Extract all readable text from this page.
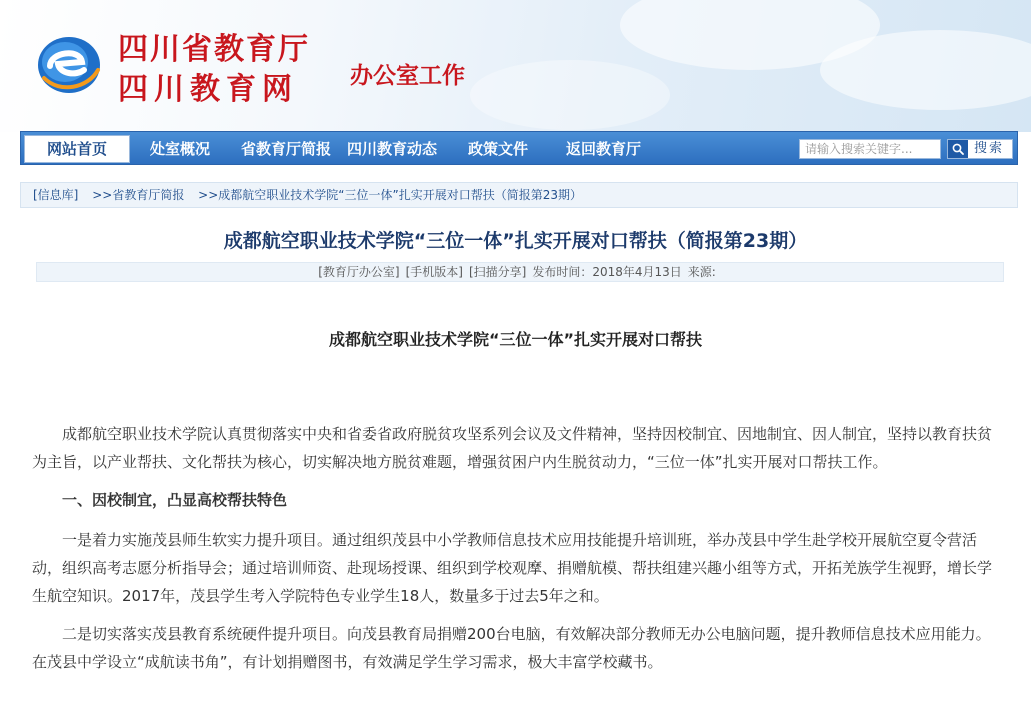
四川省教育厅
四川教育网	办公室工作
网站首页	处室概况 省教育厅简报 四川教育动态 政策文件	返回教育厅	请输入搜索关键字...	搜索
[信息库] >>省教育厅简报 >>成都航空职业技术学院“三位一体”扎实开展对口帮扶（简报第23期）
成都航空职业技术学院“三位一体”扎实开展对口帮扶（简报第23期）
[教育厅办公室] [手机版本] [扫描分享] 发布时间：2018年4月13日 来源:
成都航空职业技术学院“三位一体”扎实开展对口帮扶

成都航空职业技术学院认真贯彻落实中央和省委省政府脱贫攻坚系列会议及文件精神，坚持因校制宜、因地制宜、因人制宜，坚持以教育扶贫为主旨，以产业帮扶、文化帮扶为核心，切实解决地方脱贫难题，增强贫困户内生脱贫动力，“三位一体”扎实开展对口帮扶工作。

一、因校制宜，凸显高校帮扶特色

一是着力实施茂县师生软实力提升项目。通过组织茂县中小学教师信息技术应用技能提升培训班，举办茂县中学生赴学校开展航空夏令营活动，组织高考志愿分析指导会；通过培训师资、赴现场授课、组织到学校观摩、捐赠航模、帮扶组建兴趣小组等方式，开拓羌族学生视野，增长学生航空知识。2017年，茂县学生考入学院特色专业学生18人，数量多于过去5年之和。

二是切实落实茂县教育系统硬件提升项目。向茂县教育局捐赠200台电脑，有效解决部分教师无办公电脑问题，提升教师信息技术应用能力。在茂县中学设立“成航读书角”，有计划捐赠图书，有效满足学生学习需求，极大丰富学校藏书。
